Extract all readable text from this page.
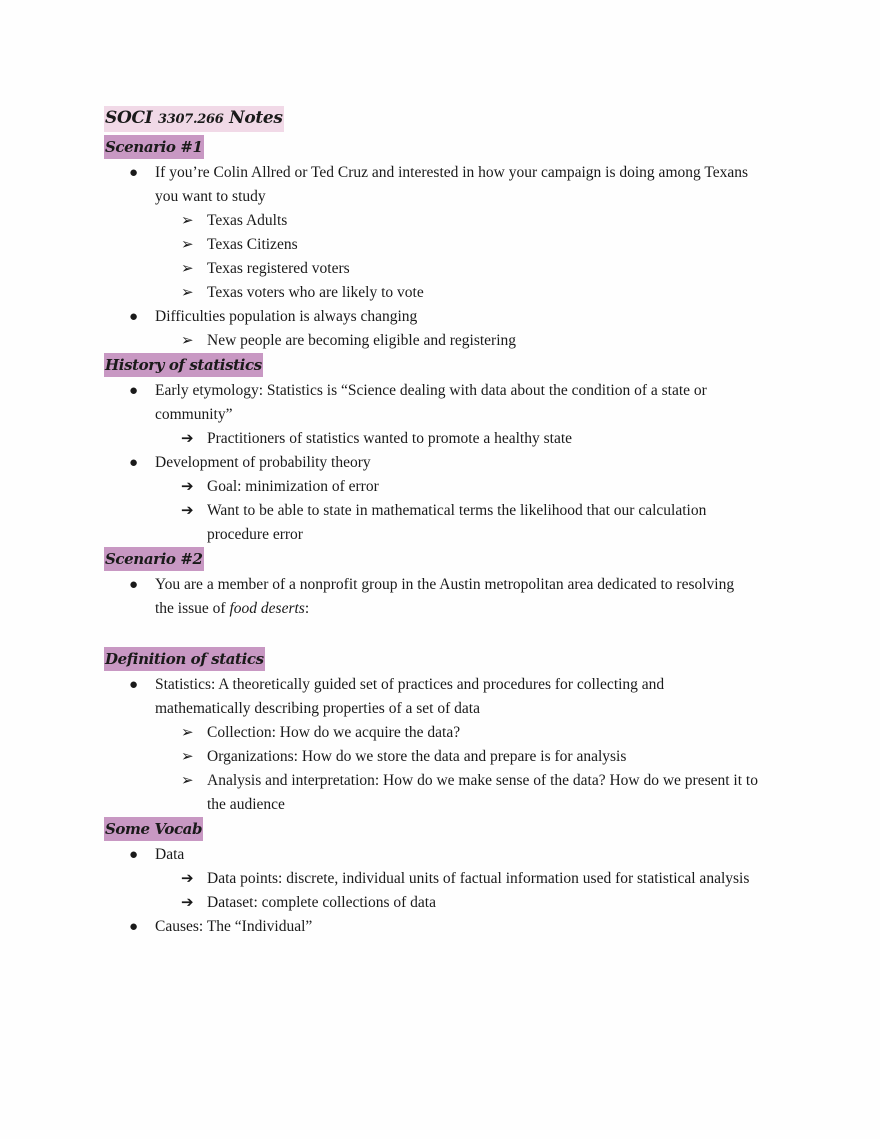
SOCI 3307.266 Notes
Scenario #1
● If you’re Colin Allred or Ted Cruz and interested in how your campaign is doing among Texans
you want to study
➢ Texas Adults
➢ Texas Citizens
➢ Texas registered voters
➢ Texas voters who are likely to vote
● Difficulties population is always changing
➢ New people are becoming eligible and registering
History of statistics
● Early etymology: Statistics is “Science dealing with data about the condition of a state or
community”
➔ Practitioners of statistics wanted to promote a healthy state
● Development of probability theory
➔ Goal: minimization of error
➔ Want to be able to state in mathematical terms the likelihood that our calculation
procedure error
Scenario #2
● You are a member of a nonprofit group in the Austin metropolitan area dedicated to resolving
the issue of food deserts:
Definition of statics
● Statistics: A theoretically guided set of practices and procedures for collecting and
mathematically describing properties of a set of data
➢ Collection: How do we acquire the data?
➢ Organizations: How do we store the data and prepare is for analysis
➢ Analysis and interpretation: How do we make sense of the data? How do we present it to
the audience
Some Vocab
● Data
➔ Data points: discrete, individual units of factual information used for statistical analysis
➔ Dataset: complete collections of data
● Causes: The “Individual”
